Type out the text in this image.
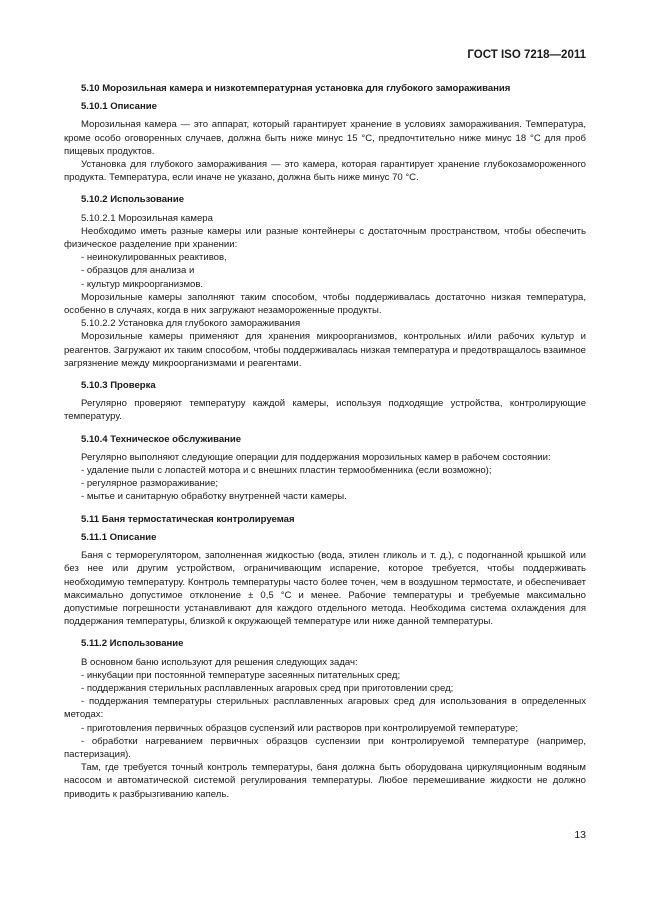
ГОСТ ISO 7218—2011
5.10 Морозильная камера и низкотемпературная установка для глубокого замораживания
5.10.1 Описание

Морозильная камера — это аппарат, который гарантирует хранение в условиях замораживания. Температура, кроме особо оговоренных случаев, должна быть ниже минус 15 °С, предпочтительно ниже минус 18 °С для проб пищевых продуктов.

Установка для глубокого замораживания — это камера, которая гарантирует хранение глубокозамороженного продукта. Температура, если иначе не указано, должна быть ниже минус 70 °С.

5.10.2 Использование

5.10.2.1 Морозильная камера

Необходимо иметь разные камеры или разные контейнеры с достаточным пространством, чтобы обеспечить физическое разделение при хранении:

- неинокулированных реактивов,

- образцов для анализа и

- культур микроорганизмов.

Морозильные камеры заполняют таким способом, чтобы поддерживалась достаточно низкая температура, особенно в случаях, когда в них загружают незамороженные продукты.

5.10.2.2 Установка для глубокого замораживания

Морозильные камеры применяют для хранения микроорганизмов, контрольных и/или рабочих культур и реагентов. Загружают их таким способом, чтобы поддерживалась низкая температура и предотвращалось взаимное загрязнение между микроорганизмами и реагентами.

5.10.3 Проверка

Регулярно проверяют температуру каждой камеры, используя подходящие устройства, контролирующие температуру.

5.10.4 Техническое обслуживание

Регулярно выполняют следующие операции для поддержания морозильных камер в рабочем состоянии:

- удаление пыли с лопастей мотора и с внешних пластин термообменника (если возможно);

- регулярное размораживание;

- мытье и санитарную обработку внутренней части камеры.

5.11 Баня термостатическая контролируемая
5.11.1 Описание

Баня с терморегулятором, заполненная жидкостью (вода, этилен гликоль и т. д.), с подогнанной крышкой или без нее или другим устройством, ограничивающим испарение, которое требуется, чтобы поддерживать необходимую температуру. Контроль температуры часто более точен, чем в воздушном термостате, и обеспечивает максимально допустимое отклонение ± 0,5 °С и менее. Рабочие температуры и требуемые максимально допустимые погрешности устанавливают для каждого отдельного метода. Необходима система охлаждения для поддержания температуры, близкой к окружающей температуре или ниже данной температуры.

5.11.2 Использование

В основном баню используют для решения следующих задач:

- инкубации при постоянной температуре засеянных питательных сред;

- поддержания стерильных расплавленных агаровых сред при приготовлении сред;

- поддержания температуры стерильных расплавленных агаровых сред для использования в определенных методах:

- приготовления первичных образцов суспензий или растворов при контролируемой температуре;

- обработки нагреванием первичных образцов суспензии при контролируемой температуре (например, пастеризация).

Там, где требуется точный контроль температуры, баня должна быть оборудована циркуляционным водяным насосом и автоматической системой регулирования температуры. Любое перемешивание жидкости не должно приводить к разбрызгиванию капель.

13
